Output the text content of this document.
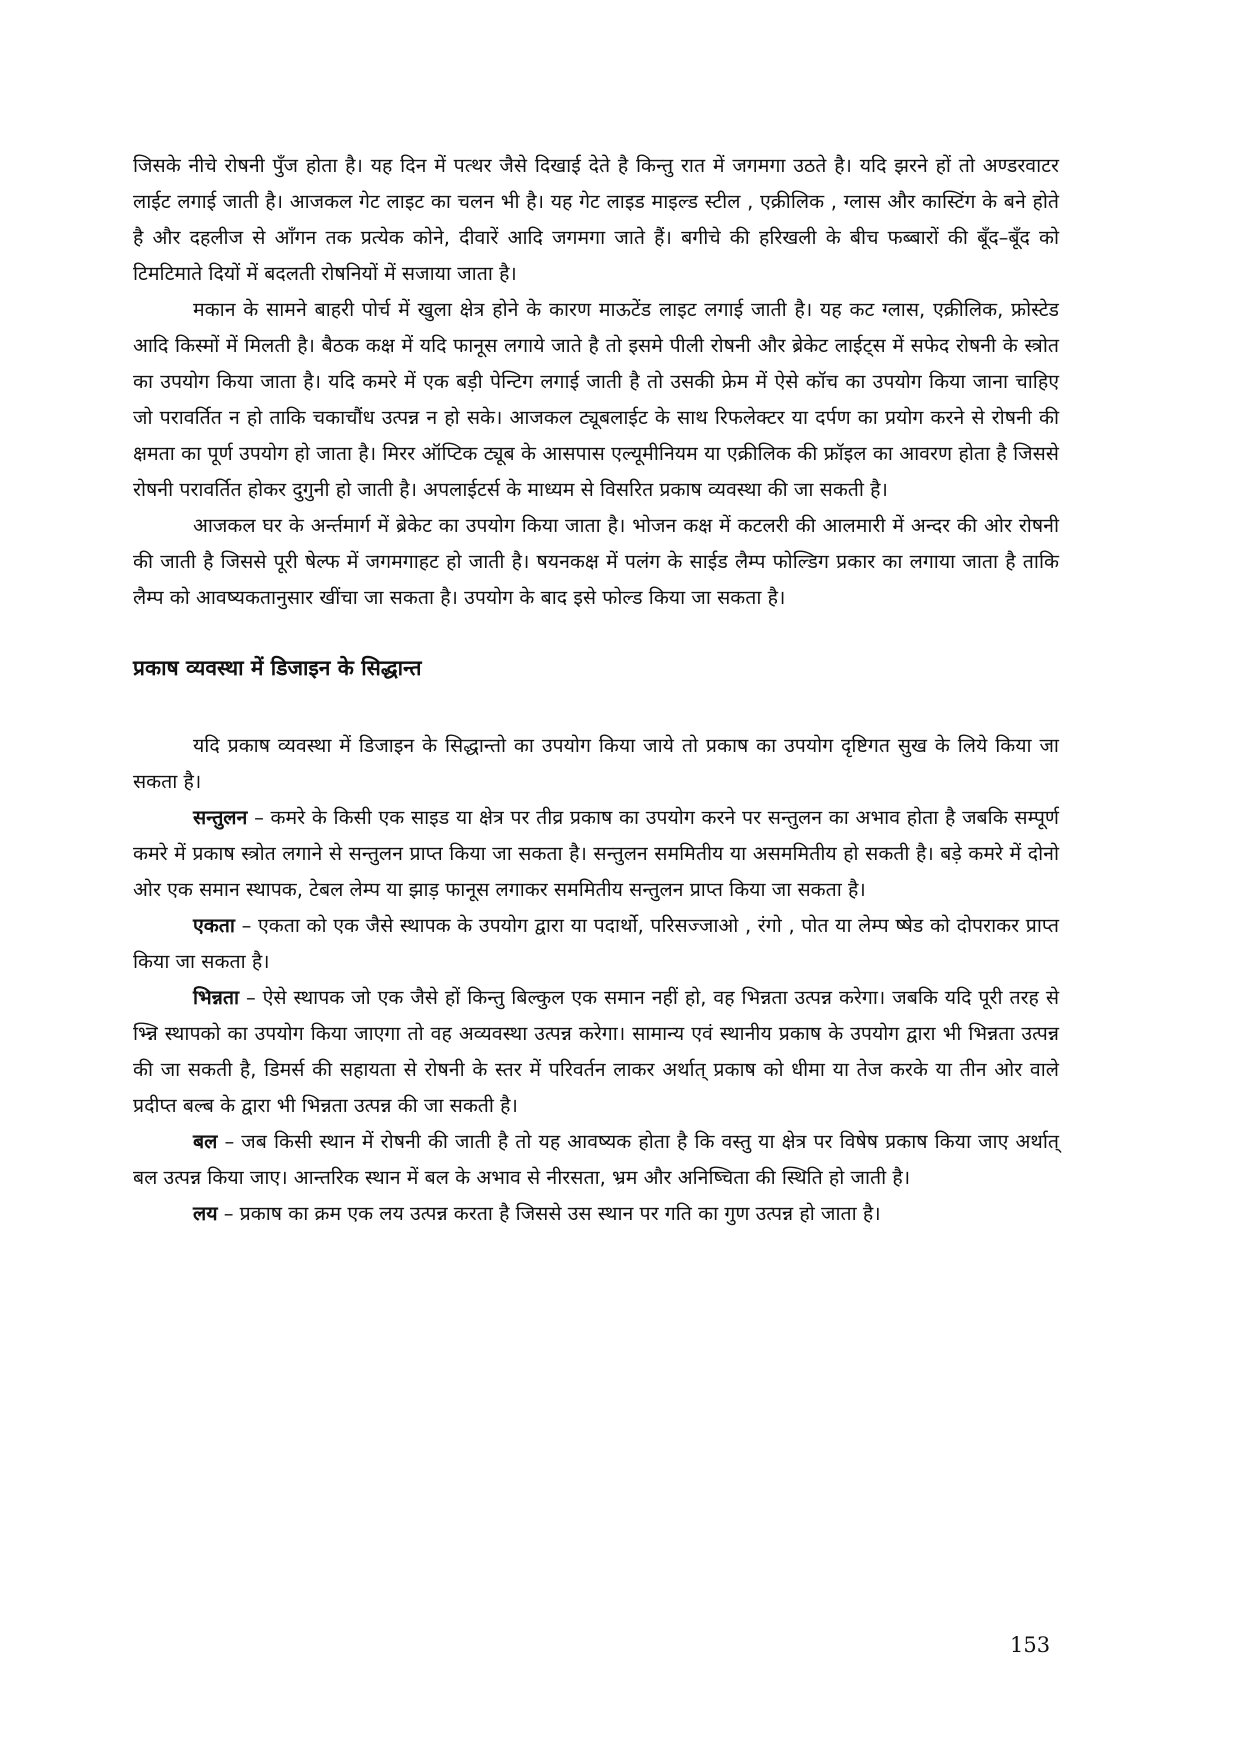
जिसके नीचे रोषनी पुँज होता है। यह दिन में पत्थर जैसे दिखाई देते है किन्तु रात में जगमगा उठते है। यदि झरने हों तो अण्डरवाटर लाईट लगाई जाती है। आजकल गेट लाइट का चलन भी है। यह गेट लाइड माइल्ड स्टील , एक्रीलिक , ग्लास और कास्टिंग के बने होते है और दहलीज से आँगन तक प्रत्येक कोने, दीवारें आदि जगमगा जाते हैं। बगीचे की हरिखली के बीच फब्बारों की बूँद–बूँद को टिमटिमाते दियों में बदलती रोषनियों में सजाया जाता है।

मकान के सामने बाहरी पोर्च में खुला क्षेत्र होने के कारण माऊटेंड लाइट लगाई जाती है। यह कट ग्लास, एक्रीलिक, फ्रोस्टेड आदि किस्मों में मिलती है। बैठक कक्ष में यदि फानूस लगाये जाते है तो इसमे पीली रोषनी और ब्रेकेट लाईट्स में सफेद रोषनी के स्त्रोत का उपयोग किया जाता है। यदि कमरे में एक बड़ी पेन्टिग लगाई जाती है तो उसकी फ्रेम में ऐसे कॉच का उपयोग किया जाना चाहिए जो परावर्तित न हो ताकि चकाचौंध उत्पन्न न हो सके। आजकल ट्यूबलाईट के साथ रिफलेक्टर या दर्पण का प्रयोग करने से रोषनी की क्षमता का पूर्ण उपयोग हो जाता है। मिरर ऑप्टिक ट्यूब के आसपास एल्यूमीनियम या एक्रीलिक की फ्रॉइल का आवरण होता है जिससे रोषनी परावर्तित होकर दुगुनी हो जाती है। अपलाईटर्स के माध्यम से विसरित प्रकाष व्यवस्था की जा सकती है।

आजकल घर के अर्न्तमार्ग में ब्रेकेट का उपयोग किया जाता है। भोजन कक्ष में कटलरी की आलमारी में अन्दर की ओर रोषनी की जाती है जिससे पूरी षेल्फ में जगमगाहट हो जाती है। षयनकक्ष में पलंग के साईड लैम्प फोल्डिग प्रकार का लगाया जाता है ताकि लैम्प को आवष्यकतानुसार खींचा जा सकता है। उपयोग के बाद इसे फोल्ड किया जा सकता है।

प्रकाष व्यवस्था में डिजाइन के सिद्धान्त

यदि प्रकाष व्यवस्था में डिजाइन के सिद्धान्तो का उपयोग किया जाये तो प्रकाष का उपयोग दृष्टिगत सुख के लिये किया जा सकता है।

सन्तुलन – कमरे के किसी एक साइड या क्षेत्र पर तीव्र प्रकाष का उपयोग करने पर सन्तुलन का अभाव होता है जबकि सम्पूर्ण कमरे में प्रकाष स्त्रोत लगाने से सन्तुलन प्राप्त किया जा सकता है। सन्तुलन सममितीय या असममितीय हो सकती है। बड़े कमरे में दोनो ओर एक समान स्थापक, टेबल लेम्प या झाड़ फानूस लगाकर सममितीय सन्तुलन प्राप्त किया जा सकता है।

एकता – एकता को एक जैसे स्थापक के उपयोग द्वारा या पदार्थो, परिसज्जाओ , रंगो , पोत या लेम्प ष्षेड को दोपराकर प्राप्त किया जा सकता है।

भिन्नता – ऐसे स्थापक जो एक जैसे हों किन्तु बिल्कुल एक समान नहीं हो, वह भिन्नता उत्पन्न करेगा। जबकि यदि पूरी तरह से भ्न्नि स्थापको का उपयोग किया जाएगा तो वह अव्यवस्था उत्पन्न करेगा। सामान्य एवं स्थानीय प्रकाष के उपयोग द्वारा भी भिन्नता उत्पन्न की जा सकती है, डिमर्स की सहायता से रोषनी के स्तर में परिवर्तन लाकर अर्थात् प्रकाष को धीमा या तेज करके या तीन ओर वाले प्रदीप्त बल्ब के द्वारा भी भिन्नता उत्पन्न की जा सकती है।

बल – जब किसी स्थान में रोषनी की जाती है तो यह आवष्यक होता है कि वस्तु या क्षेत्र पर विषेष प्रकाष किया जाए अर्थात् बल उत्पन्न किया जाए। आन्तरिक स्थान में बल के अभाव से नीरसता, भ्रम और अनिष्चिता की स्थिति हो जाती है।

लय – प्रकाष का क्रम एक लय उत्पन्न करता है जिससे उस स्थान पर गति का गुण उत्पन्न हो जाता है।

153
